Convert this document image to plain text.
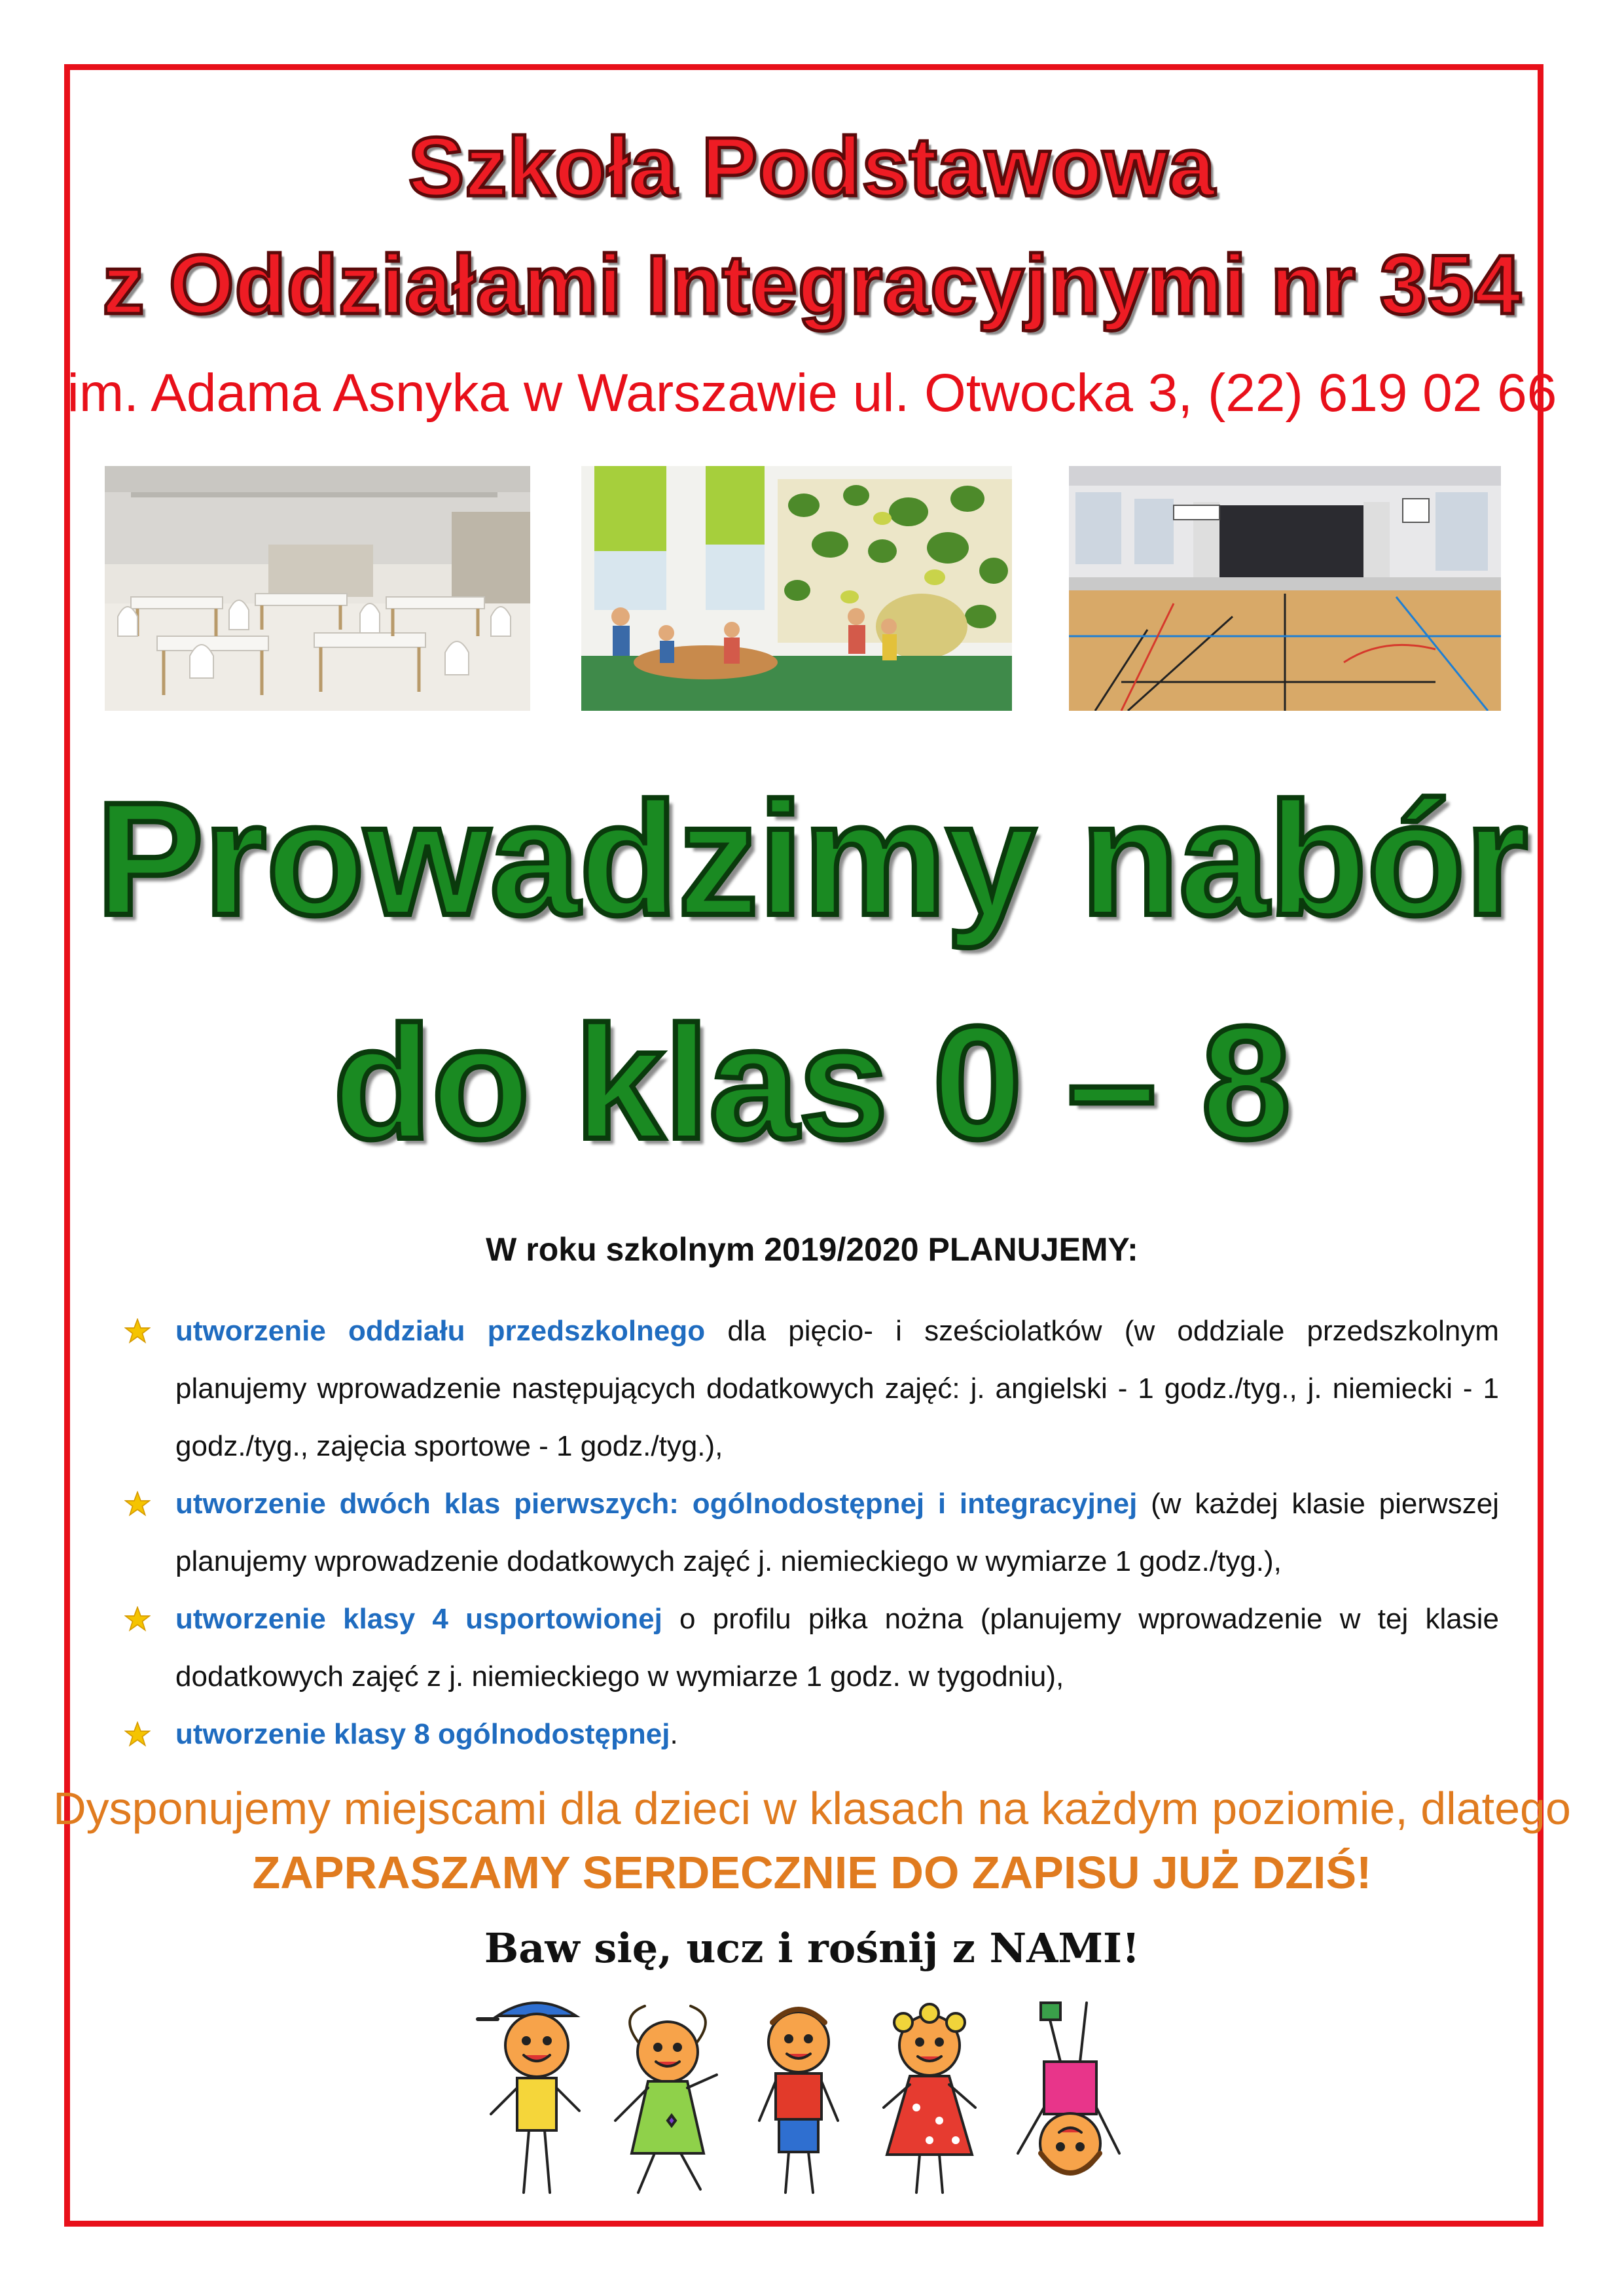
Szkoła Podstawowa
z Oddziałami Integracyjnymi nr 354
im. Adama Asnyka w Warszawie ul. Otwocka 3, (22) 619 02 66
Prowadzimy nabór
do klas 0 – 8
W roku szkolnym 2019/2020 PLANUJEMY:
utworzenie oddziału przedszkolnego dla pięcio- i sześciolatków (w oddziale przedszkolnym planujemy wprowadzenie następujących dodatkowych zajęć: j. angielski - 1 godz./tyg., j. niemiecki - 1 godz./tyg., zajęcia sportowe - 1 godz./tyg.),
utworzenie dwóch klas pierwszych: ogólnodostępnej i integracyjnej (w każdej klasie pierwszej planujemy wprowadzenie dodatkowych zajęć j. niemieckiego w wymiarze 1 godz./tyg.),
utworzenie klasy 4 usportowionej o profilu piłka nożna (planujemy wprowadzenie w tej klasie dodatkowych zajęć z j. niemieckiego w wymiarze 1 godz. w tygodniu),
utworzenie klasy 8 ogólnodostępnej.
Dysponujemy miejscami dla dzieci w klasach na każdym poziomie, dlatego
ZAPRASZAMY SERDECZNIE DO ZAPISU JUŻ DZIŚ!
Baw się, ucz i rośnij z NAMI!
